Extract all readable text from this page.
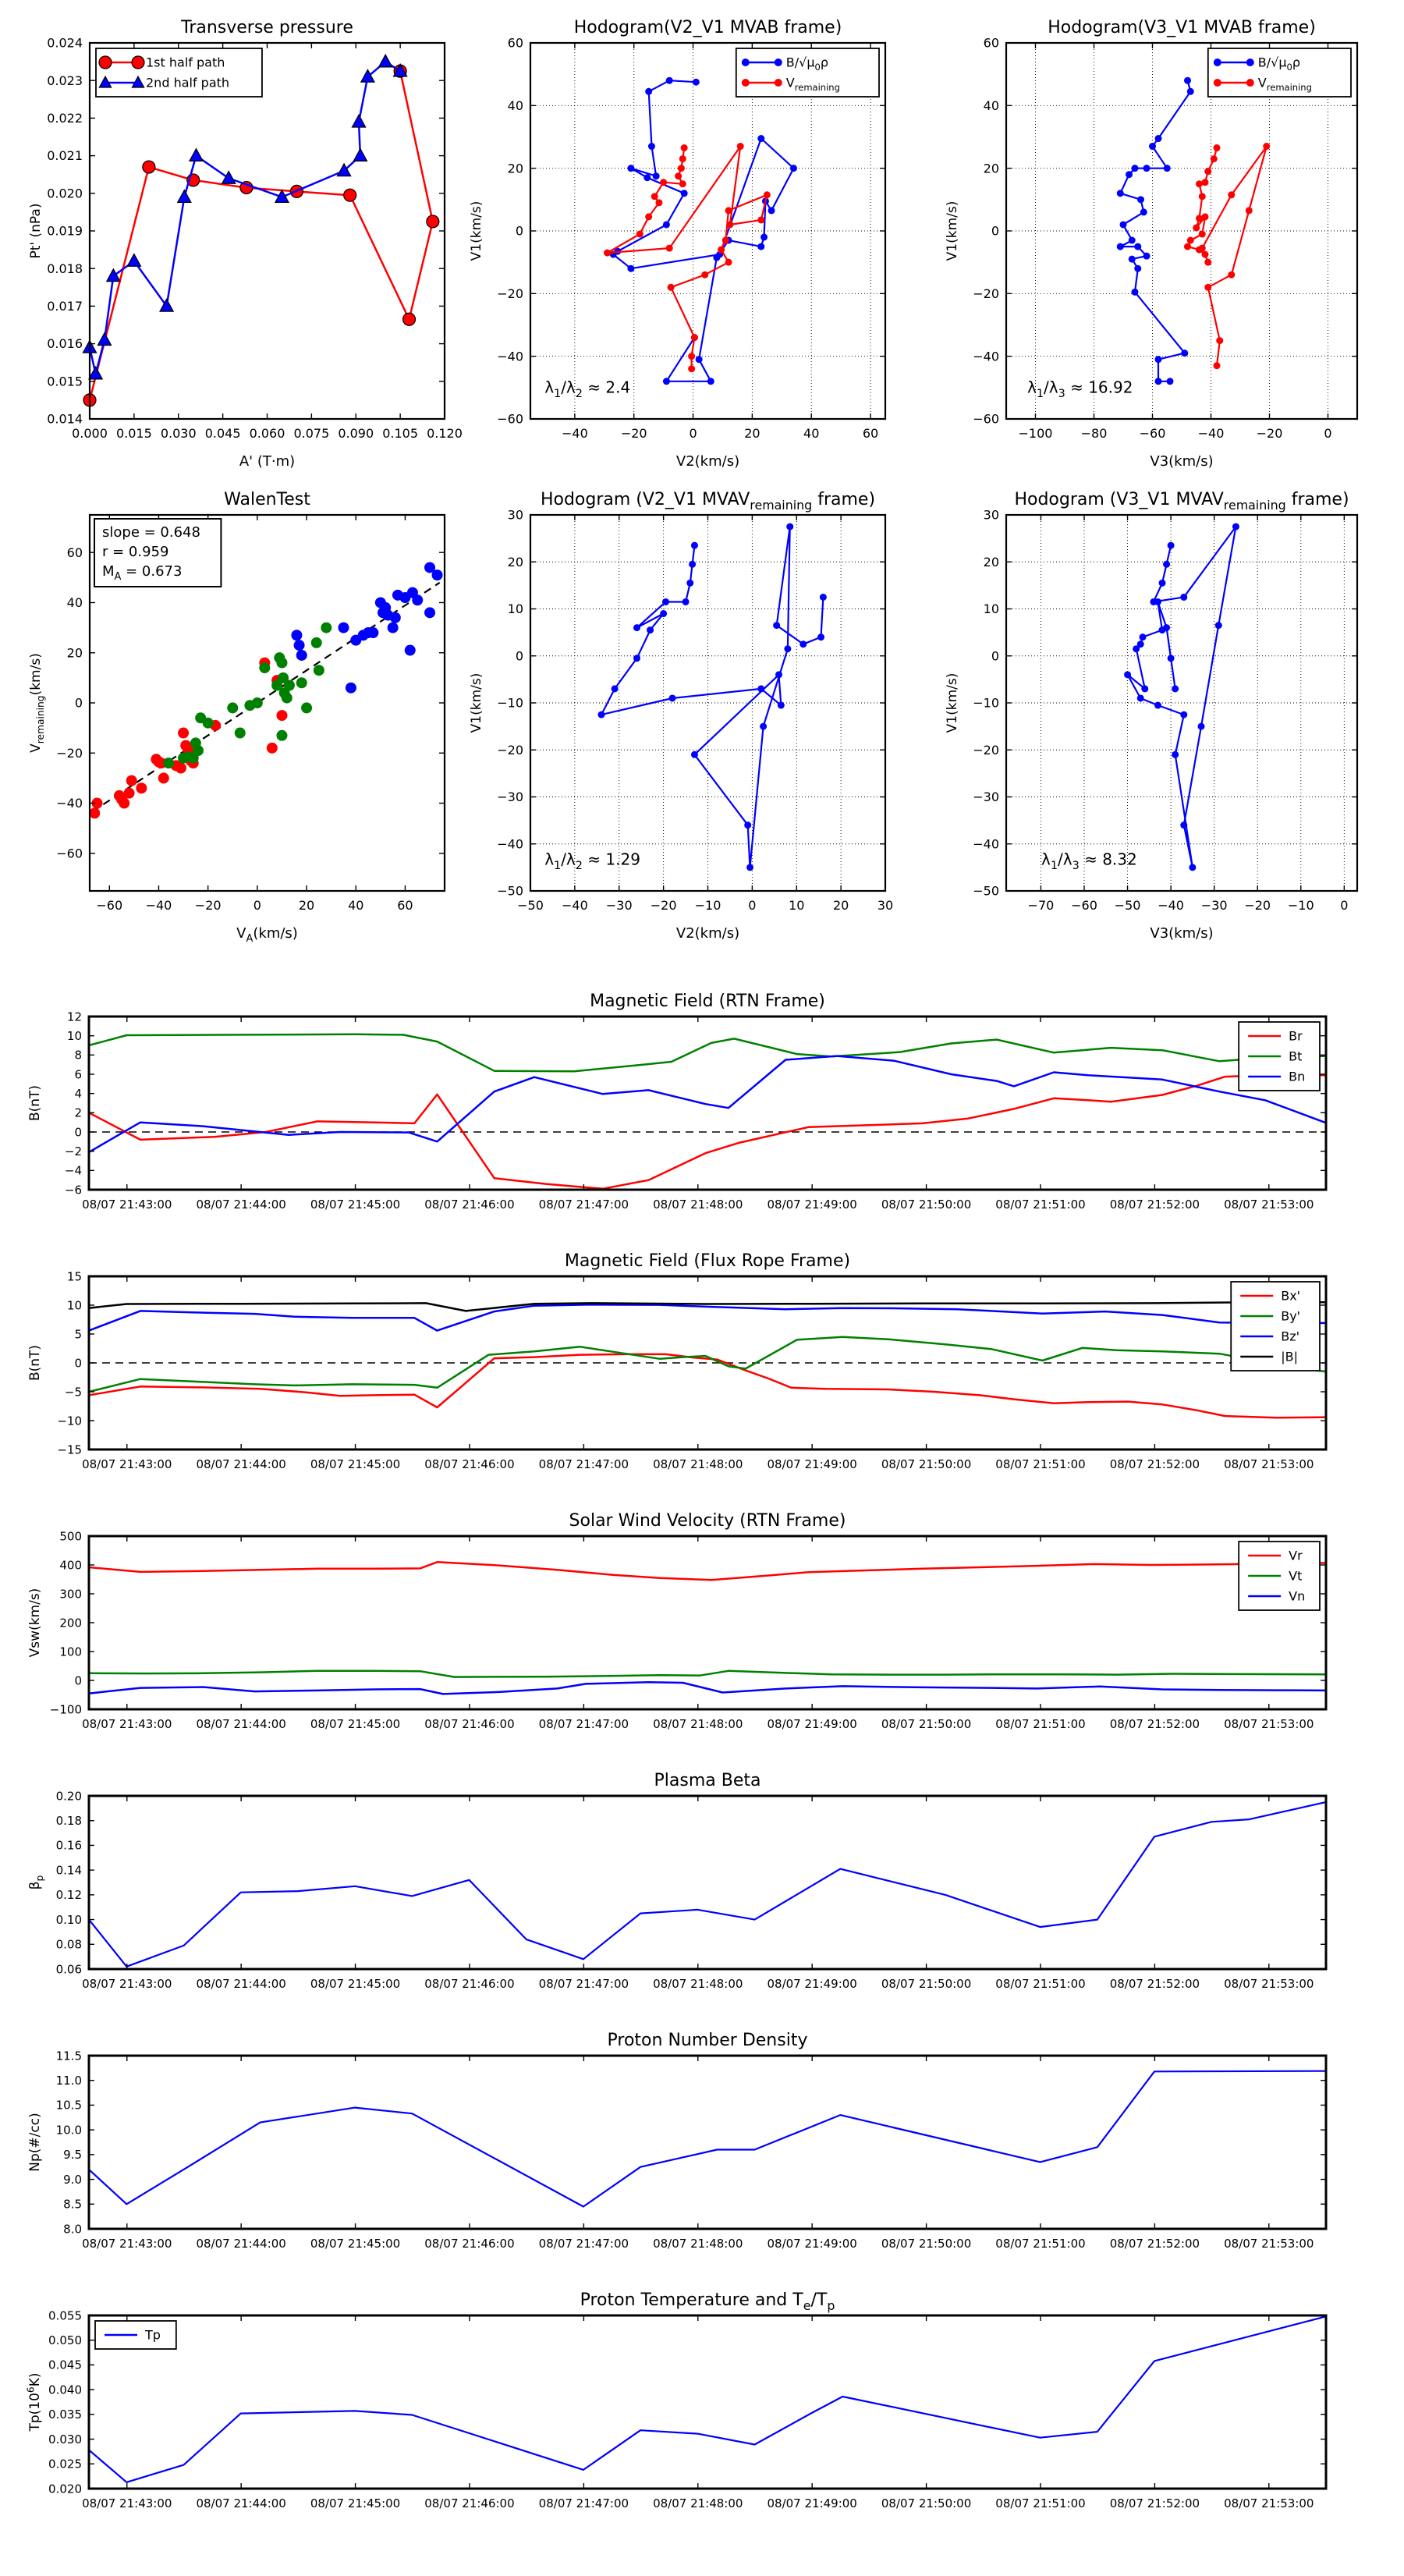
0.000 0.015 0.030 0.045 0.060 0.075 0.090 0.105 0.120
0.014
0.015
0.016
0.017
0.018
0.019
0.020
0.021
0.022
0.023
0.024
Transverse pressure
A' (T·m)
Pt' (nPa)
1st half path
2nd half path
−40	−20	0	20	40	60
−60
−40
−20
0
20
40
60
Hodogram(V2_V1 MVAB frame)
V2(km/s)
V1(km/s)
$\lambda_1/\lambda_2 \approx 2.4$
$B/√\mu_0\rho$
$V_{remaining}$
−100 −80	−60	−40	−20	0
−60
−40
−20
0
20
40
60
Hodogram(V3_V1 MVAB frame)
V3(km/s)
V1(km/s)
$\lambda_1/\lambda_3 \approx 16.92$
$B/√\mu_0\rho$
$V_{remaining}$
−60 −40 −20	0	20	40	60
−60
−40
−20
0
20
40
60
WalenTest
$V_A(km/s)$
$V_{remaining}(km/s)$
slope = 0.648
r = 0.959
$M_A = 0.673$
−50 −40 −30 −20 −10 0	10 20 30
−50
−40
−30
−20
−10
0
10
20
30
Hodogram (V2_V1 $MVAV_{remaining}$ frame)
V2(km/s)
V1(km/s)
$\lambda_1/\lambda_2 \approx 1.29$
−70 −60 −50 −40 −30 −20 −10 0
−50
−40
−30
−20
−10
0
10
20
30
Hodogram (V3_V1 $MVAV_{remaining}$ frame)
V3(km/s)
V1(km/s)
$\lambda_1/\lambda_3 \approx 8.32$
08/07 21:43:00 08/07 21:44:00 08/07 21:45:00 08/07 21:46:00 08/07 21:47:00 08/07 21:48:00 08/07 21:49:00 08/07 21:50:00 08/07 21:51:00 08/07 21:52:00 08/07 21:53:00
−6
−4
−2
0
2
4
6
8
10
12
Magnetic Field (RTN Frame)
B(nT)
Br
Bt
Bn
08/07 21:43:00 08/07 21:44:00 08/07 21:45:00 08/07 21:46:00 08/07 21:47:00 08/07 21:48:00 08/07 21:49:00 08/07 21:50:00 08/07 21:51:00 08/07 21:52:00 08/07 21:53:00
−15
−10
−5
0
5
10
15
Magnetic Field (Flux Rope Frame)
B(nT)
Bx'
By'
Bz'
|B|
08/07 21:43:00 08/07 21:44:00 08/07 21:45:00 08/07 21:46:00 08/07 21:47:00 08/07 21:48:00 08/07 21:49:00 08/07 21:50:00 08/07 21:51:00 08/07 21:52:00 08/07 21:53:00
−100
0
100
200
300
400
500
Solar Wind Velocity (RTN Frame)
Vsw(km/s)
Vr
Vt
Vn
08/07 21:43:00 08/07 21:44:00 08/07 21:45:00 08/07 21:46:00 08/07 21:47:00 08/07 21:48:00 08/07 21:49:00 08/07 21:50:00 08/07 21:51:00 08/07 21:52:00 08/07 21:53:00
0.06
0.08
0.10
0.12
0.14
0.16
0.18
0.20
Plasma Beta
$\beta_p$
08/07 21:43:00 08/07 21:44:00 08/07 21:45:00 08/07 21:46:00 08/07 21:47:00 08/07 21:48:00 08/07 21:49:00 08/07 21:50:00 08/07 21:51:00 08/07 21:52:00 08/07 21:53:00
8.0
8.5
9.0
9.5
10.0
10.5
11.0
11.5
Proton Number Density
Np(#/cc)
08/07 21:43:00 08/07 21:44:00 08/07 21:45:00 08/07 21:46:00 08/07 21:47:00 08/07 21:48:00 08/07 21:49:00 08/07 21:50:00 08/07 21:51:00 08/07 21:52:00 08/07 21:53:00
0.020
0.025
0.030
0.035
0.040
0.045
0.050
0.055
Proton Temperature and $T_e/T_p$
$Tp(10^6K)$
Tp
